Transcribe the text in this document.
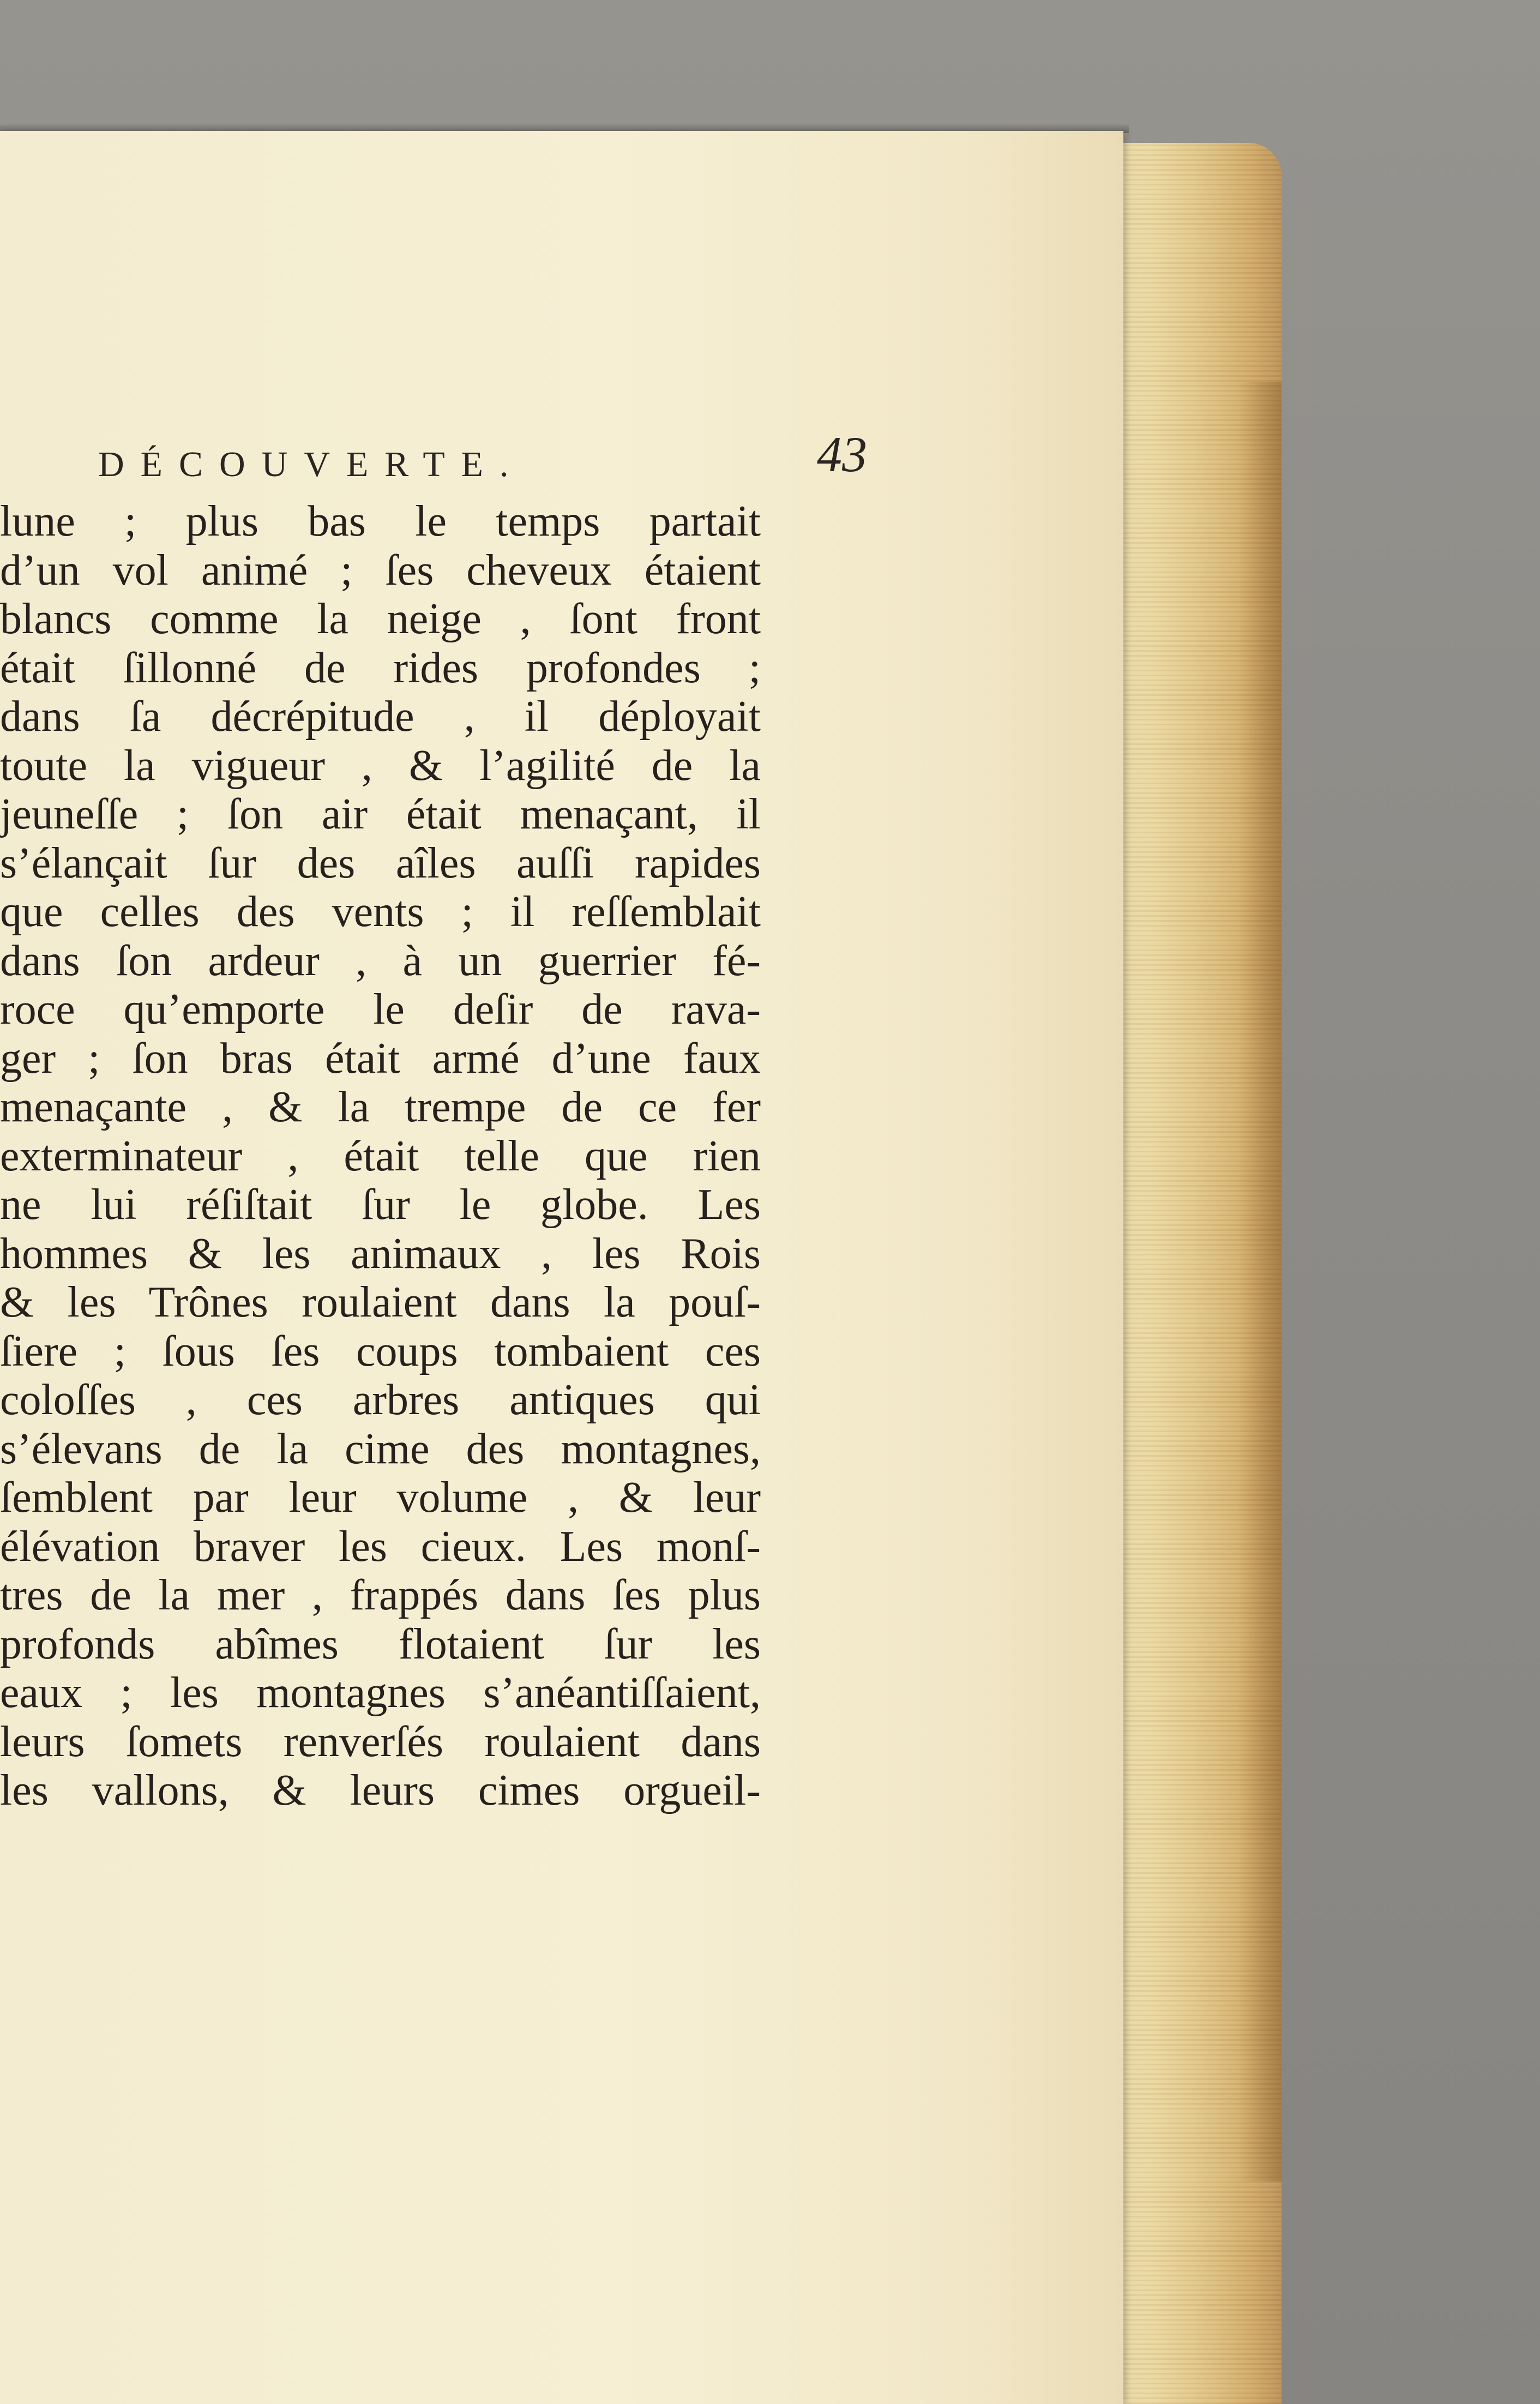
DÉCOUVERTE.	43
lune ; plus bas le temps partait
d’un vol animé ; ſes cheveux étaient
blancs comme la neige , ſont front
était ſillonné de rides profondes ;
dans ſa décrépitude , il déployait
toute la vigueur , & l’agilité de la
jeuneſſe ; ſon air était menaçant, il
s’élançait ſur des aîles auſſi rapides
que celles des vents ; il reſſemblait
dans ſon ardeur , à un guerrier fé-
roce qu’emporte le deſir de rava-
ger ; ſon bras était armé d’une faux
menaçante , & la trempe de ce fer
exterminateur , était telle que rien
ne lui réſiſtait ſur le globe. Les
hommes & les animaux , les Rois
& les Trônes roulaient dans la pouſ-
ſiere ; ſous ſes coups tombaient ces
coloſſes , ces arbres antiques qui
s’élevans de la cime des montagnes,
ſemblent par leur volume , & leur
élévation braver les cieux. Les monſ-
tres de la mer , frappés dans ſes plus
profonds abîmes flotaient ſur les
eaux ; les montagnes s’anéantiſſaient,
leurs ſomets renverſés roulaient dans
les vallons, & leurs cimes orgueil-
